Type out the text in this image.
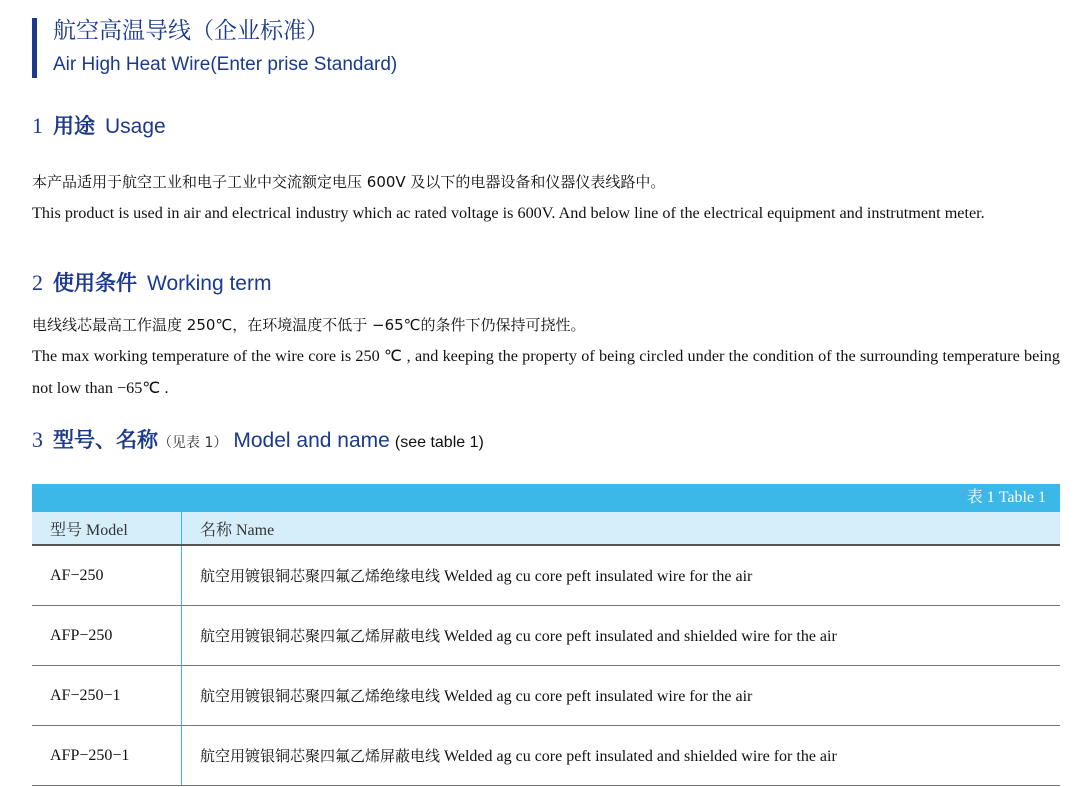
航空高温导线（企业标准）
Air High Heat Wire(Enter prise Standard)
1 用途 Usage
本产品适用于航空工业和电子工业中交流额定电压 600V 及以下的电器设备和仪器仪表线路中。
This product is used in air and electrical industry which ac rated voltage is 600V. And below line of the electrical equipment and instrutment meter.
2 使用条件 Working term
电线线芯最高工作温度 250℃，在环境温度不低于 −65℃的条件下仍保持可挠性。
The max working temperature of the wire core is 250 ℃ , and keeping the property of being circled under the condition of the surrounding temperature being not low than −65℃ .
3 型号、名称（见表 1） Model and name (see table 1)
表 1 Table 1
型号 Model	名称 Name
AF−250	航空用镀银铜芯聚四氟乙烯绝缘电线 Welded ag cu core peft insulated wire for the air
AFP−250	航空用镀银铜芯聚四氟乙烯屏蔽电线 Welded ag cu core peft insulated and shielded wire for the air
AF−250−1	航空用镀银铜芯聚四氟乙烯绝缘电线 Welded ag cu core peft insulated wire for the air
AFP−250−1	航空用镀银铜芯聚四氟乙烯屏蔽电线 Welded ag cu core peft insulated and shielded wire for the air
